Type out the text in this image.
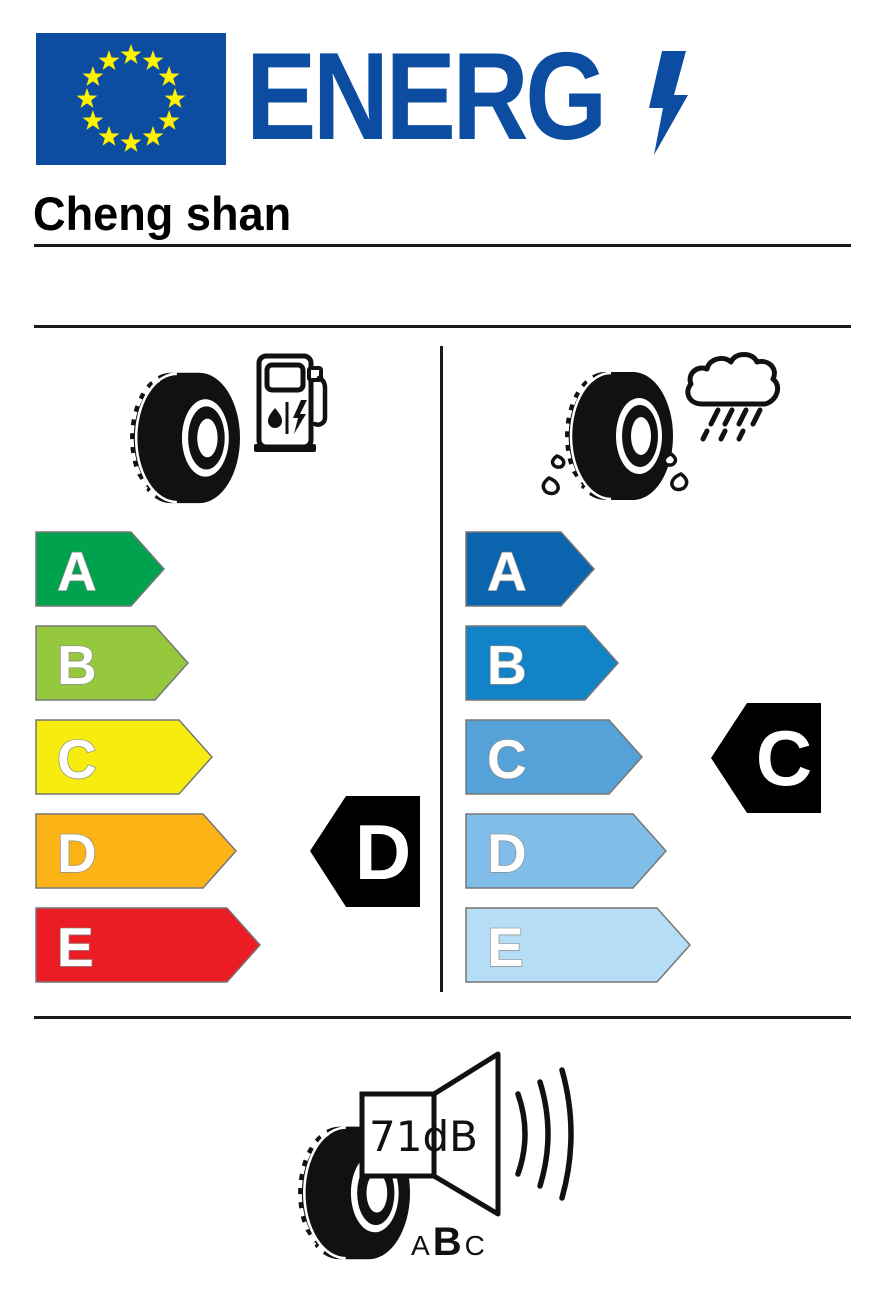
ENERG
Cheng shan
A
B
C
D
E
D
A
B
C
D
E
C
71dB
A B C
